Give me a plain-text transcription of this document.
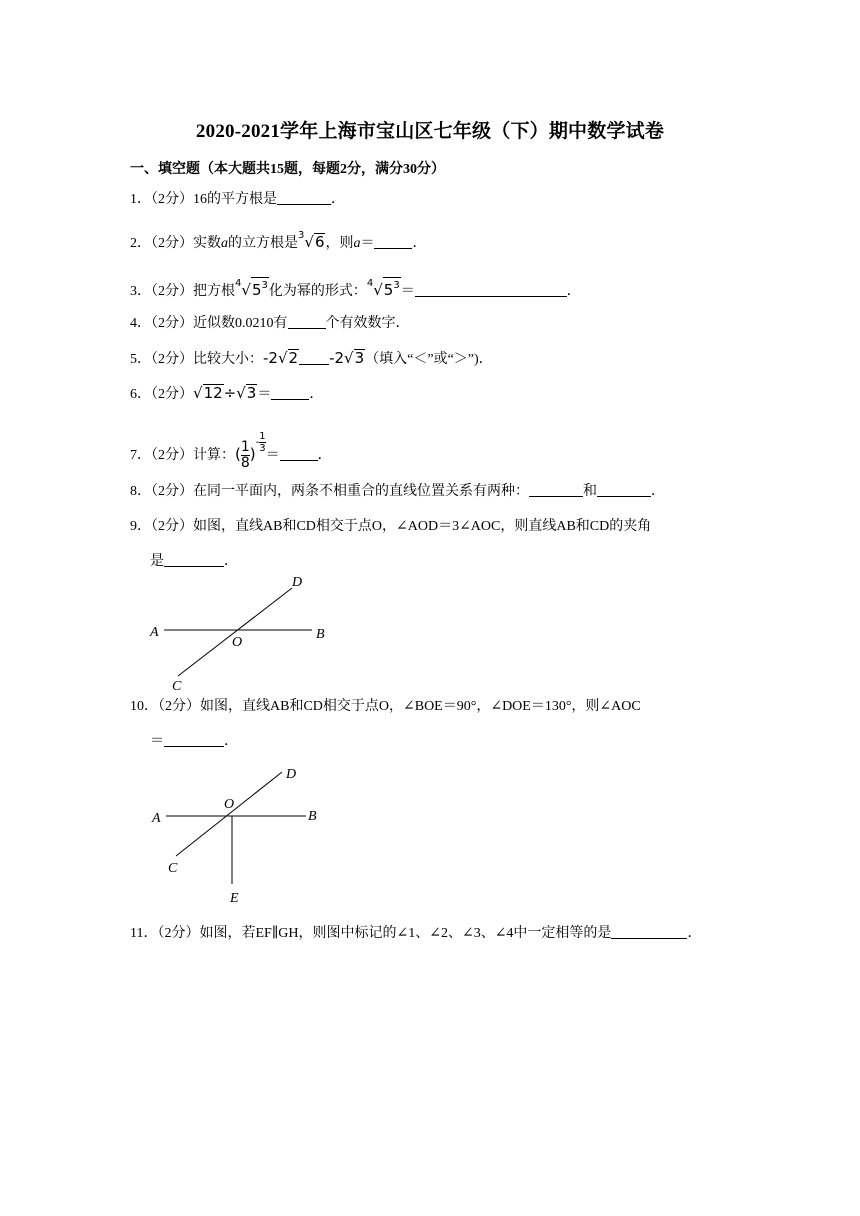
2020-2021学年上海市宝山区七年级（下）期中数学试卷
一、填空题（本大题共15题，每题2分，满分30分）
1．（2分）16的平方根是	．
2．（2分）实数a的立方根是$^3$√6，则a＝	．
3．（2分）把方根$^4√5^3$化为幂的形式：$^4√5^3=$	．
4．（2分）近似数0.0210有	个有效数字．
5．（2分）比较大小：-2√2 -2√3（填入“＜”或“＞”)．
6．（2分）√12÷√3＝	．
7．（2分）计算：( $\frac{1}{8}$ )- $\frac{1}{3}$
＝	．
8．（2分）在同一平面内，两条不相重合的直线位置关系有两种：	和	．
9．（2分）如图，直线AB和CD相交于点O，∠AOD＝3∠AOC，则直线AB和CD的夹角
是	．
A	B
C
D
O
10．（2分）如图，直线AB和CD相交于点O，∠BOE＝90°，∠DOE＝130°，则∠AOC
＝	．
A	B
C
D
O
E
11．（2分）如图，若EF∥GH，则图中标记的∠1、∠2、∠3、∠4中一定相等的是	．
